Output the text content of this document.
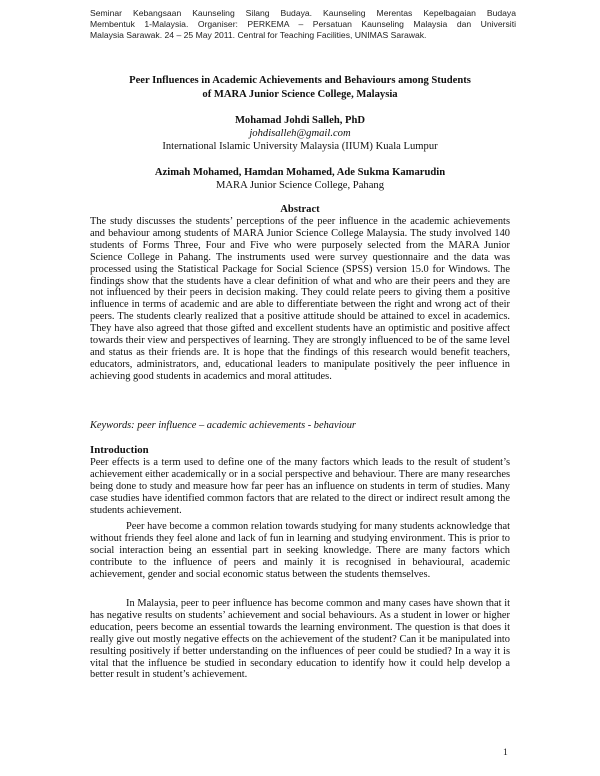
Seminar Kebangsaan Kaunseling Silang Budaya. Kaunseling Merentas Kepelbagaian Budaya
Membentuk 1-Malaysia. Organiser: PERKEMA – Persatuan Kaunseling Malaysia dan Universiti
Malaysia Sarawak. 24 – 25 May 2011. Central for Teaching Facilities, UNIMAS Sarawak.
Peer Influences in Academic Achievements and Behaviours among Students
of MARA Junior Science College, Malaysia
Mohamad Johdi Salleh, PhD
johdisalleh@gmail.com
International Islamic University Malaysia (IIUM) Kuala Lumpur
Azimah Mohamed, Hamdan Mohamed, Ade Sukma Kamarudin
MARA Junior Science College, Pahang
Abstract

The study discusses the students’ perceptions of the peer influence in the academic achievements and behaviour among students of MARA Junior Science College Malaysia. The study involved 140 students of Forms Three, Four and Five who were purposely selected from the MARA Junior Science College in Pahang. The instruments used were survey questionnaire and the data was processed using the Statistical Package for Social Science (SPSS) version 15.0 for Windows. The findings show that the students have a clear definition of what and who are their peers and they are not influenced by their peers in decision making. They could relate peers to giving them a positive influence in terms of academic and are able to differentiate between the right and wrong act of their peers. The students clearly realized that a positive attitude should be attained to excel in academics. They have also agreed that those gifted and excellent students have an optimistic and positive affect towards their view and perspectives of learning. They are strongly influenced to be of the same level and status as their friends are. It is hope that the findings of this research would benefit teachers, educators, administrators, and, educational leaders to manipulate positively the peer influence in achieving good students in academics and moral attitudes.

Keywords: peer influence – academic achievements - behaviour

Introduction

Peer effects is a term used to define one of the many factors which leads to the result of student’s achievement either academically or in a social perspective and behaviour. There are many researches being done to study and measure how far peer has an influence on students in term of studies. Many case studies have identified common factors that are related to the direct or indirect result among the students achievement.

Peer have become a common relation towards studying for many students acknowledge that without friends they feel alone and lack of fun in learning and studying environment. This is prior to social interaction being an essential part in seeking knowledge. There are many factors which contribute to the influence of peers and mainly it is recognised in behavioural, academic achievement, gender and social economic status between the students themselves.

In Malaysia, peer to peer influence has become common and many cases have shown that it has negative results on students’ achievement and social behaviours. As a student in lower or higher education, peers become an essential towards the learning environment. The question is that does it really give out mostly negative effects on the achievement of the student? Can it be manipulated into resulting positively if better understanding on the influences of peer could be studied? In a way it is vital that the influence be studied in secondary education to identify how it could help develop a better result in student’s achievement.

1
